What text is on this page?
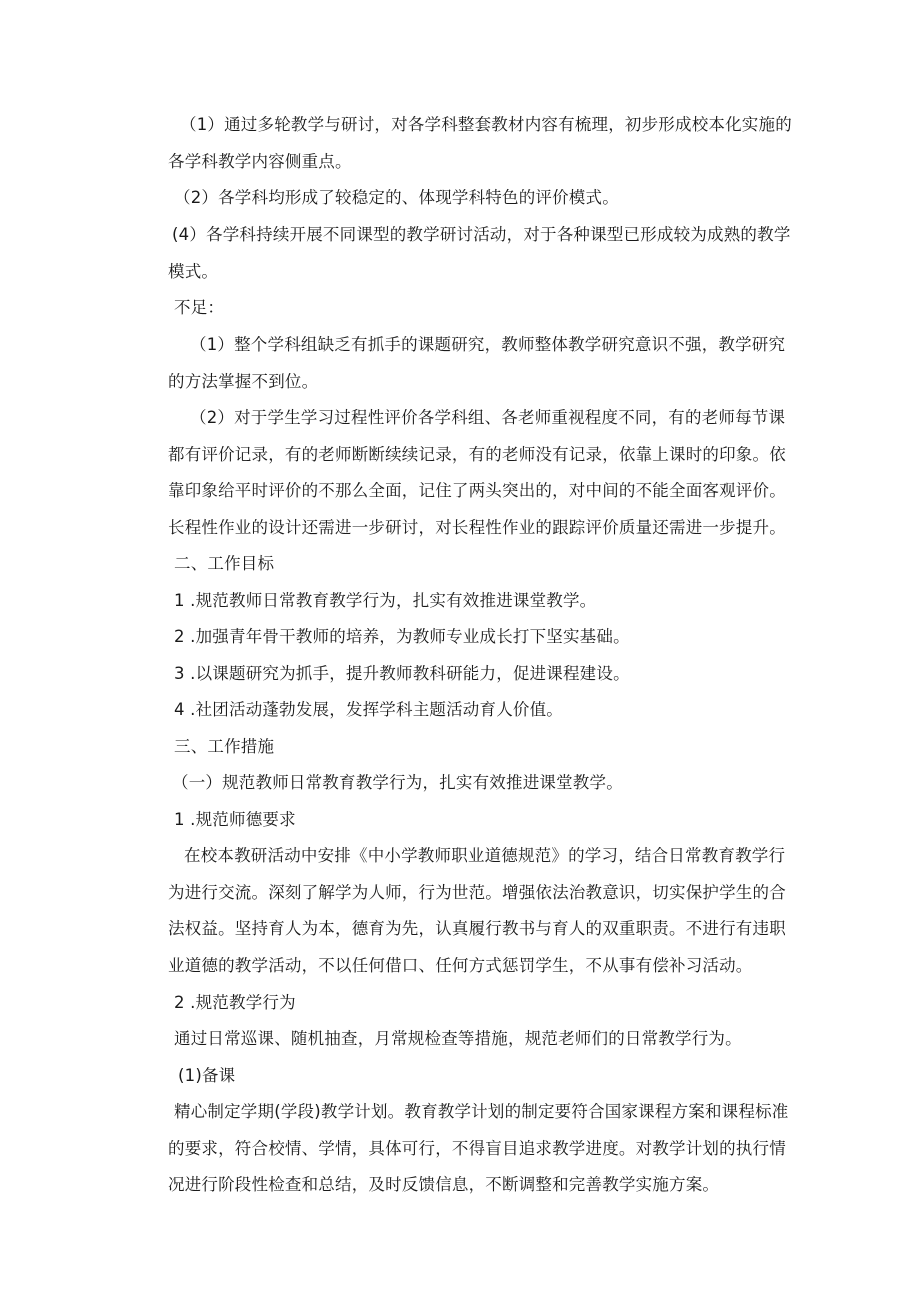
（1）通过多轮教学与研讨，对各学科整套教材内容有梳理，初步形成校本化实施的各学科教学内容侧重点。

（2）各学科均形成了较稳定的、体现学科特色的评价模式。

(4）各学科持续开展不同课型的教学研讨活动，对于各种课型已形成较为成熟的教学模式。

不足：

（1）整个学科组缺乏有抓手的课题研究，教师整体教学研究意识不强，教学研究的方法掌握不到位。

（2）对于学生学习过程性评价各学科组、各老师重视程度不同，有的老师每节课都有评价记录，有的老师断断续续记录，有的老师没有记录，依靠上课时的印象。依靠印象给平时评价的不那么全面，记住了两头突出的，对中间的不能全面客观评价。长程性作业的设计还需进一步研讨，对长程性作业的跟踪评价质量还需进一步提升。

二、工作目标

1 .规范教师日常教育教学行为，扎实有效推进课堂教学。

2 .加强青年骨干教师的培养，为教师专业成长打下坚实基础。

3 .以课题研究为抓手，提升教师教科研能力，促进课程建设。

4 .社团活动蓬勃发展，发挥学科主题活动育人价值。

三、工作措施

（一）规范教师日常教育教学行为，扎实有效推进课堂教学。

1 .规范师德要求

在校本教研活动中安排《中小学教师职业道德规范》的学习，结合日常教育教学行为进行交流。深刻了解学为人师，行为世范。增强依法治教意识，切实保护学生的合法权益。坚持育人为本，德育为先，认真履行教书与育人的双重职责。不进行有违职业道德的教学活动，不以任何借口、任何方式惩罚学生，不从事有偿补习活动。

2 .规范教学行为

通过日常巡课、随机抽查，月常规检查等措施，规范老师们的日常教学行为。

(1)备课

精心制定学期(学段)教学计划。教育教学计划的制定要符合国家课程方案和课程标准的要求，符合校情、学情，具体可行，不得盲目追求教学进度。对教学计划的执行情况进行阶段性检查和总结，及时反馈信息，不断调整和完善教学实施方案。
